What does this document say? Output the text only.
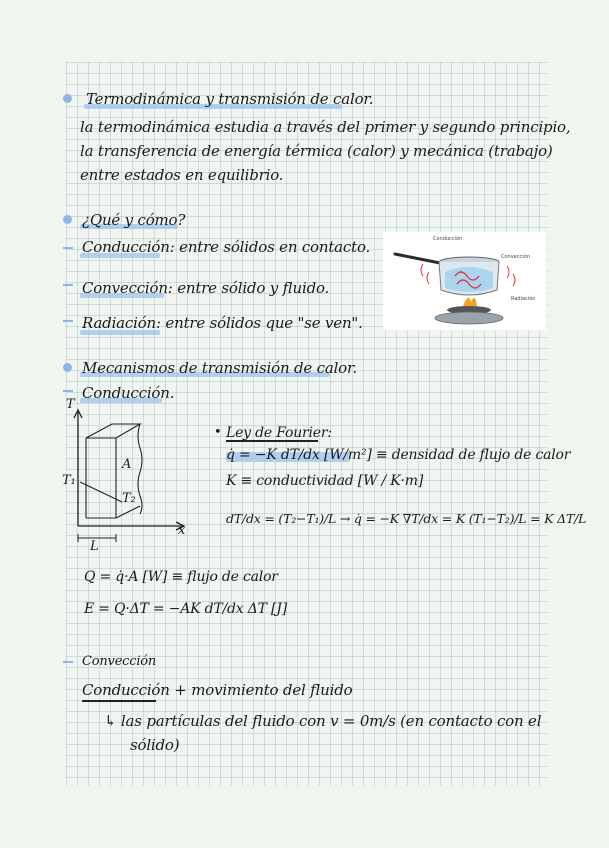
Termodinámica y transmisión de calor.
la termodinámica estudia a través del primer y segundo principio,
la transferencia de energía térmica (calor) y mecánica (trabajo)
entre estados en equilibrio.
¿Qué y cómo?
Conducción: entre sólidos en contacto.
Convección: entre sólido y fluido.
Radiación: entre sólidos que "se ven".
Conducción
Convección
Radiación
Mecanismos de transmisión de calor.
Conducción.
T
x
T₁
T₂
A
L
• Ley de Fourier:
q̇ = −K dT/dx [W/m²] ≡ densidad de flujo de calor
K ≡ conductividad [W / K·m]
dT/dx = (T₂−T₁)/L → q̇ = −K ∇T/dx = K (T₁−T₂)/L = K ΔT/L
Q = q̇·A [W] ≡ flujo de calor
E = Q·ΔT = −AK dT/dx ΔT [J]
Convección
Conducción + movimiento del fluido
↳ las partículas del fluido con v = 0m/s (en contacto con el
sólido)
